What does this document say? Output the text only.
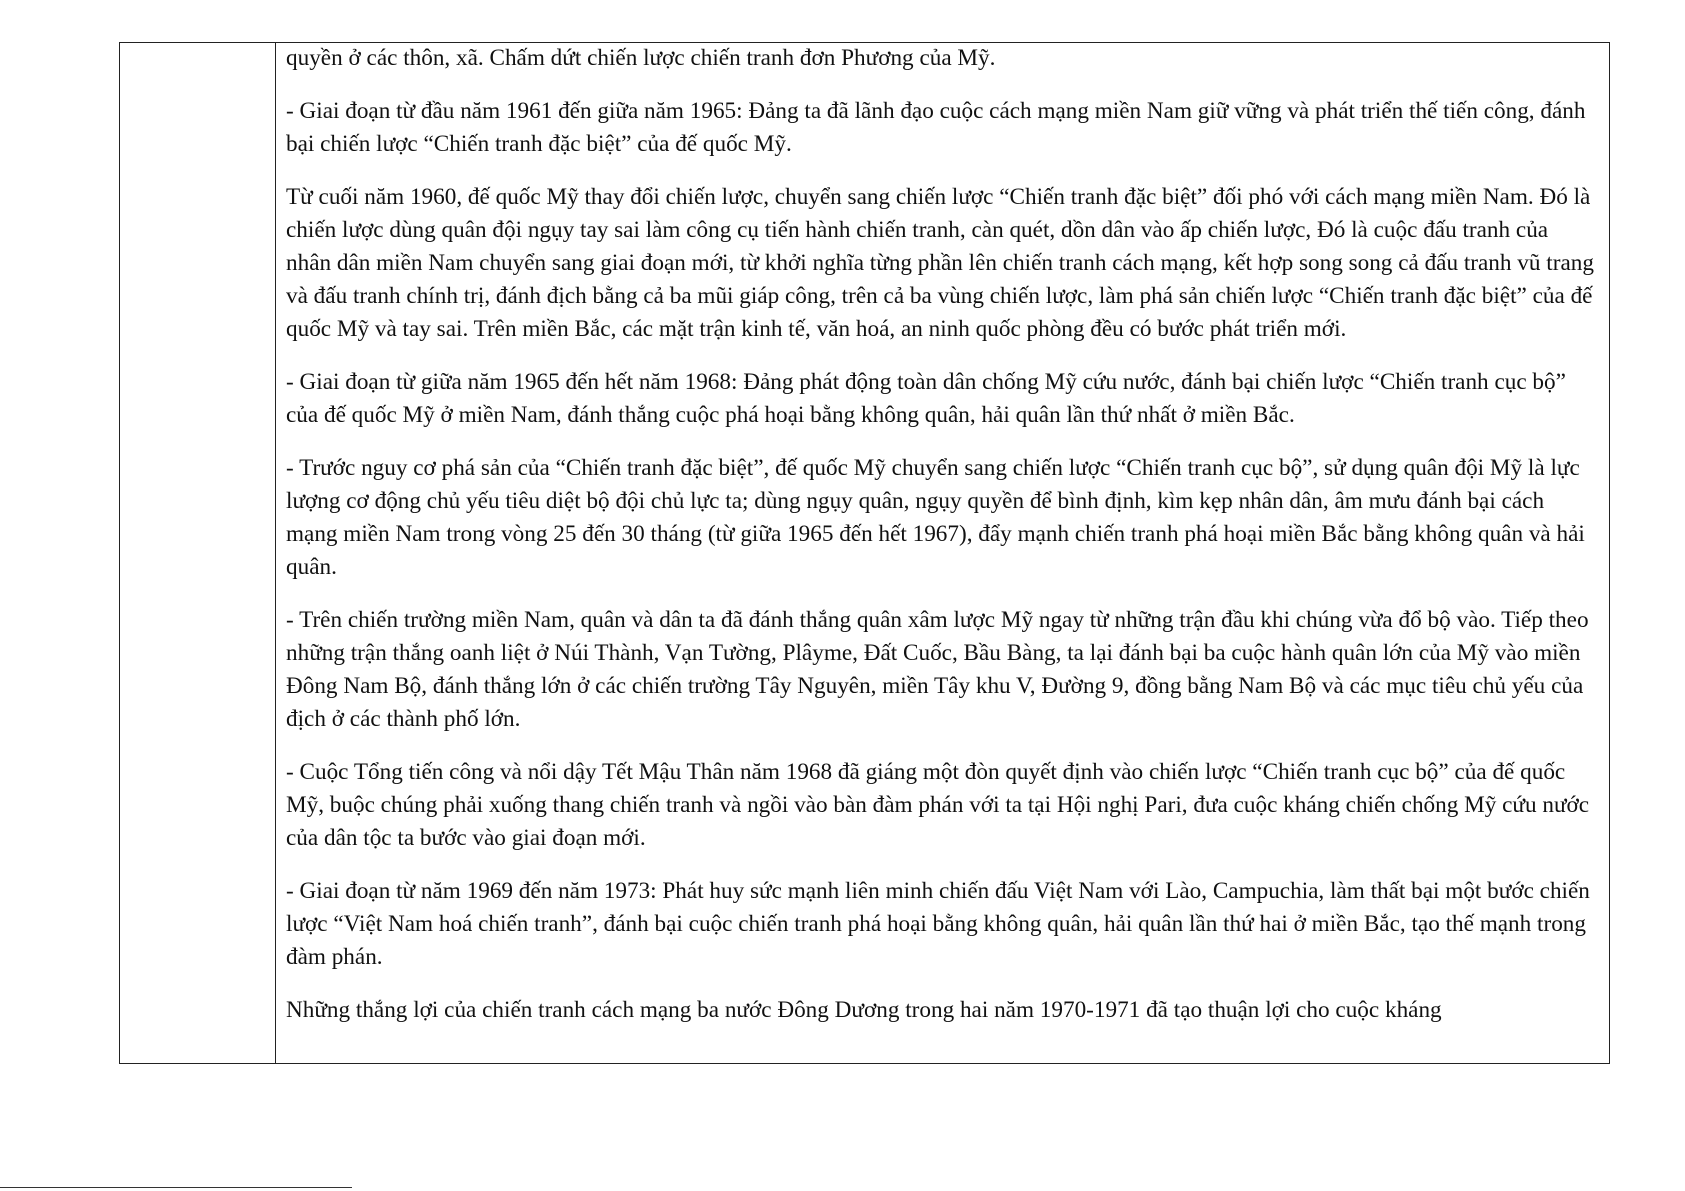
quyền ở các thôn, xã. Chấm dứt chiến lược chiến tranh đơn Phương của Mỹ.

- Giai đoạn từ đầu năm 1961 đến giữa năm 1965: Đảng ta đã lãnh đạo cuộc cách mạng miền Nam giữ vững và phát triển thế tiến công, đánh bại chiến lược “Chiến tranh đặc biệt” của đế quốc Mỹ.

Từ cuối năm 1960, đế quốc Mỹ thay đổi chiến lược, chuyển sang chiến lược “Chiến tranh đặc biệt” đối phó với cách mạng miền Nam. Đó là chiến lược dùng quân đội ngụy tay sai làm công cụ tiến hành chiến tranh, càn quét, dồn dân vào ấp chiến lược, Đó là cuộc đấu tranh của nhân dân miền Nam chuyển sang giai đoạn mới, từ khởi nghĩa từng phần lên chiến tranh cách mạng, kết hợp song song cả đấu tranh vũ trang và đấu tranh chính trị, đánh địch bằng cả ba mũi giáp công, trên cả ba vùng chiến lược, làm phá sản chiến lược “Chiến tranh đặc biệt” của đế quốc Mỹ và tay sai. Trên miền Bắc, các mặt trận kinh tế, văn hoá, an ninh quốc phòng đều có bước phát triển mới.

- Giai đoạn từ giữa năm 1965 đến hết năm 1968: Đảng phát động toàn dân chống Mỹ cứu nước, đánh bại chiến lược “Chiến tranh cục bộ” của đế quốc Mỹ ở miền Nam, đánh thắng cuộc phá hoại bằng không quân, hải quân lần thứ nhất ở miền Bắc.

- Trước nguy cơ phá sản của “Chiến tranh đặc biệt”, đế quốc Mỹ chuyển sang chiến lược “Chiến tranh cục bộ”, sử dụng quân đội Mỹ là lực lượng cơ động chủ yếu tiêu diệt bộ đội chủ lực ta; dùng ngụy quân, ngụy quyền để bình định, kìm kẹp nhân dân, âm mưu đánh bại cách mạng miền Nam trong vòng 25 đến 30 tháng (từ giữa 1965 đến hết 1967), đẩy mạnh chiến tranh phá hoại miền Bắc bằng không quân và hải quân.

- Trên chiến trường miền Nam, quân và dân ta đã đánh thắng quân xâm lược Mỹ ngay từ những trận đầu khi chúng vừa đổ bộ vào. Tiếp theo những trận thắng oanh liệt ở Núi Thành, Vạn Tường, Plâyme, Đất Cuốc, Bầu Bàng, ta lại đánh bại ba cuộc hành quân lớn của Mỹ vào miền Đông Nam Bộ, đánh thắng lớn ở các chiến trường Tây Nguyên, miền Tây khu V, Đường 9, đồng bằng Nam Bộ và các mục tiêu chủ yếu của địch ở các thành phố lớn.

- Cuộc Tổng tiến công và nổi dậy Tết Mậu Thân năm 1968 đã giáng một đòn quyết định vào chiến lược “Chiến tranh cục bộ” của đế quốc Mỹ, buộc chúng phải xuống thang chiến tranh và ngồi vào bàn đàm phán với ta tại Hội nghị Pari, đưa cuộc kháng chiến chống Mỹ cứu nước của dân tộc ta bước vào giai đoạn mới.

- Giai đoạn từ năm 1969 đến năm 1973: Phát huy sức mạnh liên minh chiến đấu Việt Nam với Lào, Campuchia, làm thất bại một bước chiến lược “Việt Nam hoá chiến tranh”, đánh bại cuộc chiến tranh phá hoại bằng không quân, hải quân lần thứ hai ở miền Bắc, tạo thế mạnh trong đàm phán.

Những thắng lợi của chiến tranh cách mạng ba nước Đông Dương trong hai năm 1970-1971 đã tạo thuận lợi cho cuộc kháng
